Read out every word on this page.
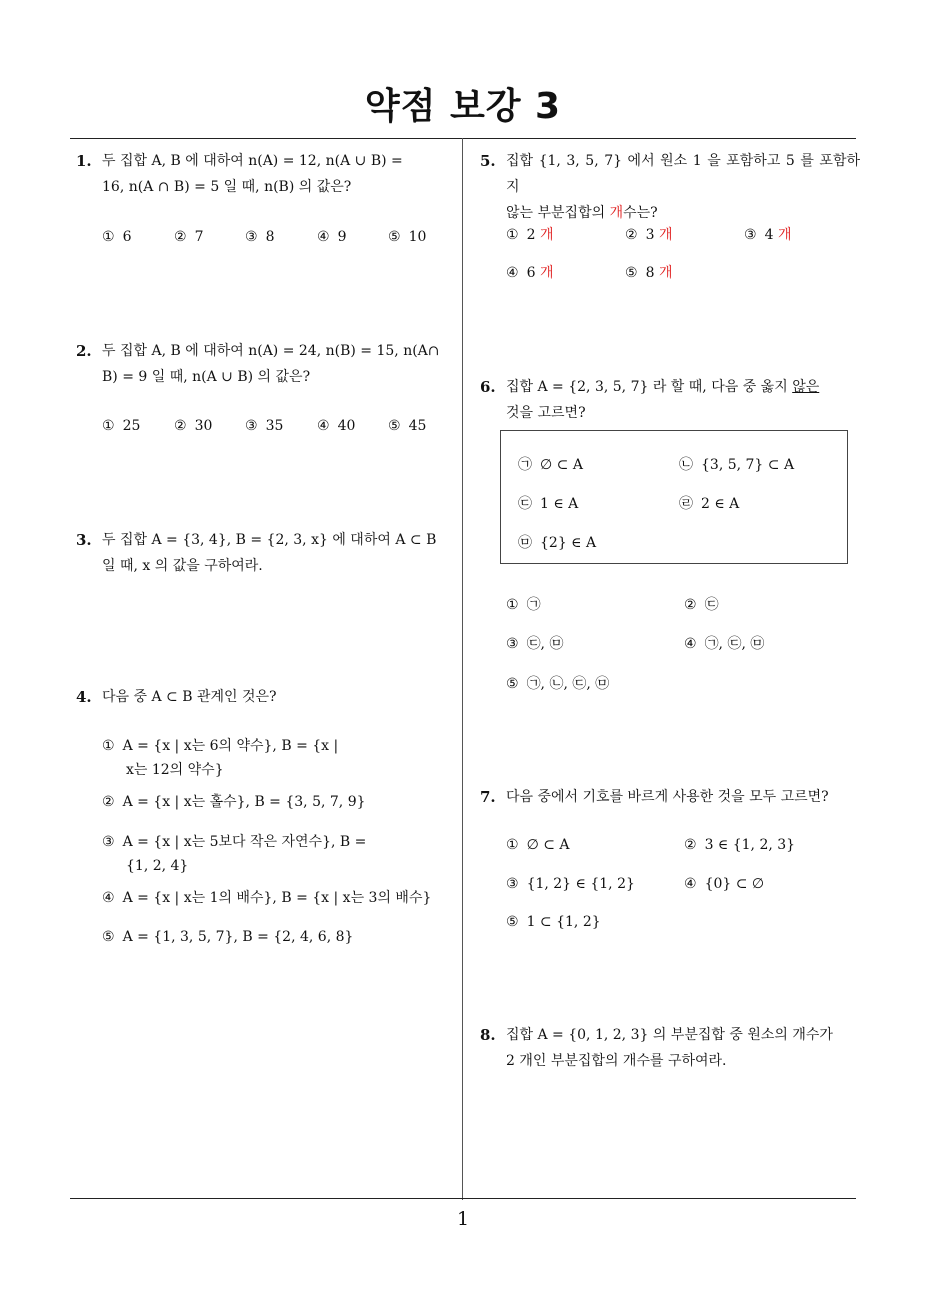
약점 보강 3
1
1. 두 집합 A, B 에 대하여 n(A) = 12, n(A ∪ B) =
16, n(A ∩ B) = 5 일 때, n(B) 의 값은?
① 6	② 7	③ 8	④ 9	⑤ 10
2. 두 집합 A, B 에 대하여 n(A) = 24, n(B) = 15, n(A∩
B) = 9 일 때, n(A ∪ B) 의 값은?
① 25 ② 30 ③ 35 ④ 40 ⑤ 45
3. 두 집합 A = {3, 4}, B = {2, 3, x} 에 대하여 A ⊂ B
일 때, x 의 값을 구하여라.
4. 다음 중 A ⊂ B 관계인 것은?
① A = {x | x는 6의 약수}, B = {x |
x는 12의 약수}
② A = {x | x는 홀수}, B = {3, 5, 7, 9}
③ A = {x | x는 5보다 작은 자연수}, B =
{1, 2, 4}
④ A = {x | x는 1의 배수}, B = {x | x는 3의 배수}
⑤ A = {1, 3, 5, 7}, B = {2, 4, 6, 8}
5. 집합 {1, 3, 5, 7} 에서 원소 1 을 포함하고 5 를 포함하지
않는 부분집합의 개수는?
① 2 개	② 3 개	③ 4 개
④ 6 개	⑤ 8 개
6. 집합 A = {2, 3, 5, 7} 라 할 때, 다음 중 옳지 않은
것을 고르면?
㉠ ∅ ⊂ A	㉡ {3, 5, 7} ⊂ A
㉢ 1 ∈ A	㉣ 2 ∈ A
㉤ {2} ∈ A
① ㉠	② ㉢
③ ㉢, ㉤	④ ㉠, ㉢, ㉤
⑤ ㉠, ㉡, ㉢, ㉤
7. 다음 중에서 기호를 바르게 사용한 것을 모두 고르면?
① ∅ ⊂ A	② 3 ∈ {1, 2, 3}
③ {1, 2} ∈ {1, 2}	④ {0} ⊂ ∅
⑤ 1 ⊂ {1, 2}
8. 집합 A = {0, 1, 2, 3} 의 부분집합 중 원소의 개수가
2 개인 부분집합의 개수를 구하여라.
